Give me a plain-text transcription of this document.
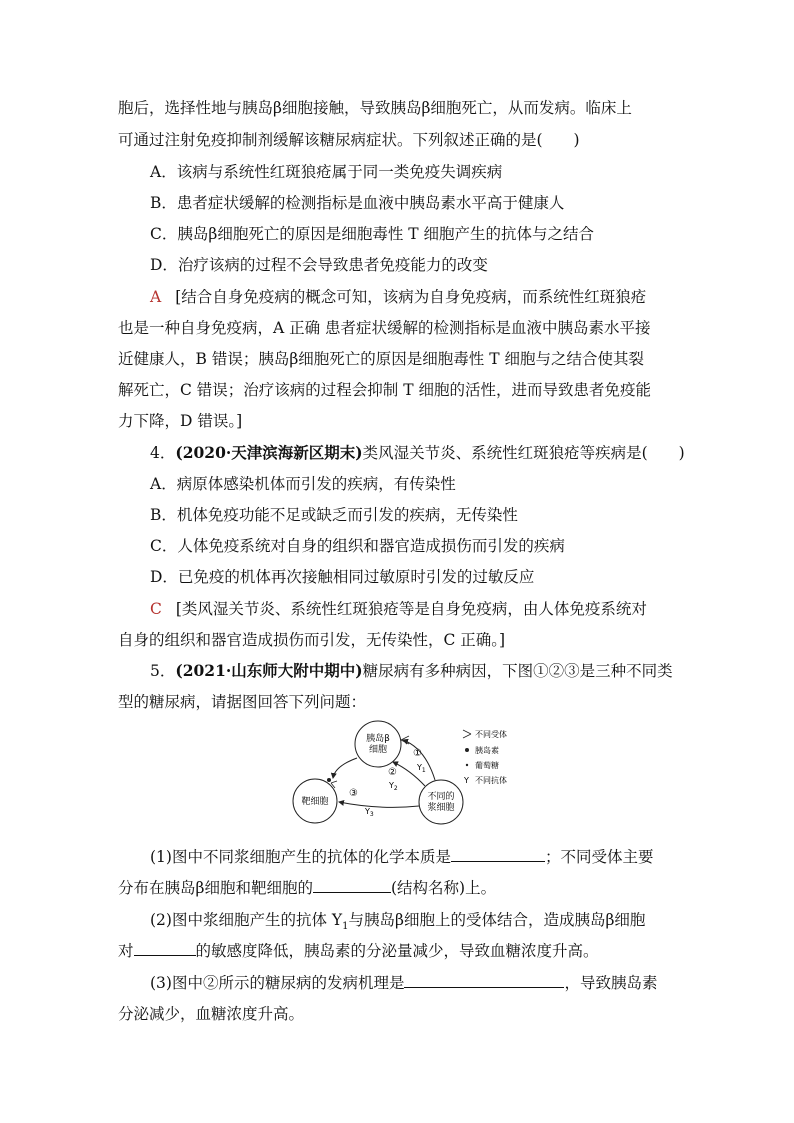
胞后，选择性地与胰岛β细胞接触，导致胰岛β细胞死亡，从而发病。临床上
可通过注射免疫抑制剂缓解该糖尿病症状。下列叙述正确的是(　　)
A．该病与系统性红斑狼疮属于同一类免疫失调疾病
B．患者症状缓解的检测指标是血液中胰岛素水平高于健康人
C．胰岛β细胞死亡的原因是细胞毒性 T 细胞产生的抗体与之结合
D．治疗该病的过程不会导致患者免疫能力的改变
A [结合自身免疫病的概念可知，该病为自身免疫病，而系统性红斑狼疮
也是一种自身免疫病，A 正确 患者症状缓解的检测指标是血液中胰岛素水平接
近健康人，B 错误；胰岛β细胞死亡的原因是细胞毒性 T 细胞与之结合使其裂
解死亡，C 错误；治疗该病的过程会抑制 T 细胞的活性，进而导致患者免疫能
力下降，D 错误。]
4．(2020·天津滨海新区期末)类风湿关节炎、系统性红斑狼疮等疾病是(　　)
A．病原体感染机体而引发的疾病，有传染性
B．机体免疫功能不足或缺乏而引发的疾病，无传染性
C．人体免疫系统对自身的组织和器官造成损伤而引发的疾病
D．已免疫的机体再次接触相同过敏原时引发的过敏反应
C [类风湿关节炎、系统性红斑狼疮等是自身免疫病，由人体免疫系统对
自身的组织和器官造成损伤而引发，无传染性，C 正确。]
5．(2021·山东师大附中期中)糖尿病有多种病因，下图①②③是三种不同类
型的糖尿病，请据图回答下列问题：
胰岛β
细胞
靶细胞	不同的
浆细胞
①
$Y_1$
②
$Y_2$
③
$Y_3$
不同受体
胰岛素
葡萄糖
Y 不同抗体
(1)图中不同浆细胞产生的抗体的化学本质是	；不同受体主要
分布在胰岛β细胞和靶细胞的	(结构名称)上。
(2)图中浆细胞产生的抗体 $Y_1$与胰岛β细胞上的受体结合，造成胰岛β细胞
对	的敏感度降低，胰岛素的分泌量减少，导致血糖浓度升高。
(3)图中②所示的糖尿病的发病机理是	，导致胰岛素
分泌减少，血糖浓度升高。
